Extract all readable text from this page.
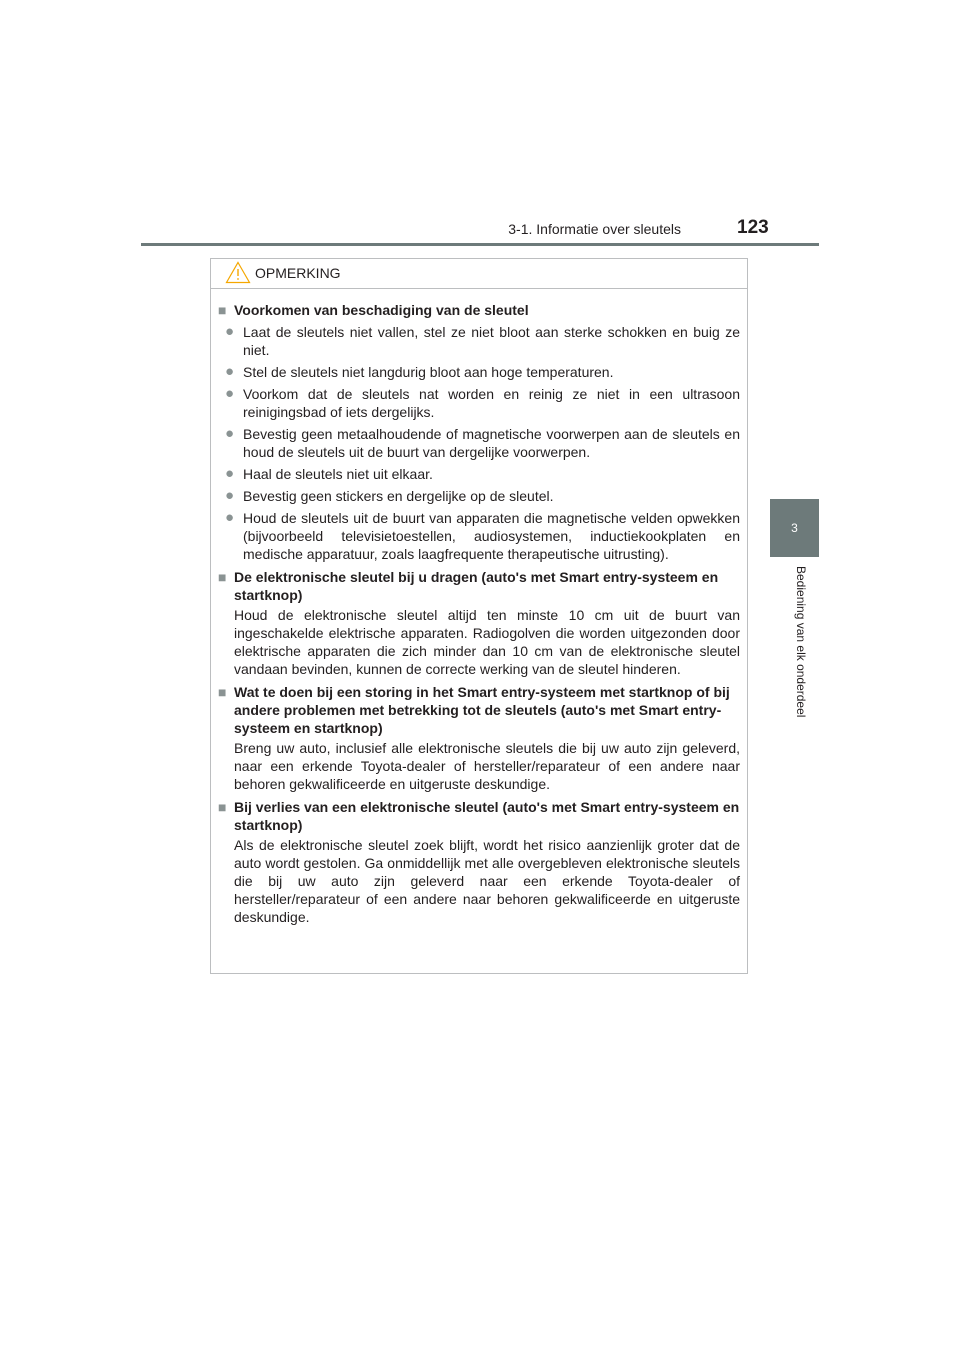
3-1. Informatie over sleutels	123
3
Bediening van elk onderdeel
OPMERKING
■ Voorkomen van beschadiging van de sleutel
● Laat de sleutels niet vallen, stel ze niet bloot aan sterke schokken en buig ze niet.
● Stel de sleutels niet langdurig bloot aan hoge temperaturen.
● Voorkom dat de sleutels nat worden en reinig ze niet in een ultrasoon reinigingsbad of iets dergelijks.
● Bevestig geen metaalhoudende of magnetische voorwerpen aan de sleutels en houd de sleutels uit de buurt van dergelijke voorwerpen.
● Haal de sleutels niet uit elkaar.
● Bevestig geen stickers en dergelijke op de sleutel.
● Houd de sleutels uit de buurt van apparaten die magnetische velden opwekken (bijvoorbeeld televisietoestellen, audiosystemen, inductiekookplaten en medische apparatuur, zoals laagfrequente therapeutische uitrusting).
■ De elektronische sleutel bij u dragen (auto's met Smart entry-systeem en startknop)
Houd de elektronische sleutel altijd ten minste 10 cm uit de buurt van ingeschakelde elektrische apparaten. Radiogolven die worden uitgezonden door elektrische apparaten die zich minder dan 10 cm van de elektronische sleutel vandaan bevinden, kunnen de correcte werking van de sleutel hinderen.
■ Wat te doen bij een storing in het Smart entry-systeem met startknop of bij andere problemen met betrekking tot de sleutels (auto's met Smart entry-systeem en startknop)
Breng uw auto, inclusief alle elektronische sleutels die bij uw auto zijn geleverd, naar een erkende Toyota-dealer of hersteller/reparateur of een andere naar behoren gekwalificeerde en uitgeruste deskundige.
■ Bij verlies van een elektronische sleutel (auto's met Smart entry-systeem en startknop)
Als de elektronische sleutel zoek blijft, wordt het risico aanzienlijk groter dat de auto wordt gestolen. Ga onmiddellijk met alle overgebleven elektronische sleutels die bij uw auto zijn geleverd naar een erkende Toyota-dealer of hersteller/reparateur of een andere naar behoren gekwalificeerde en uitgeruste deskundige.
